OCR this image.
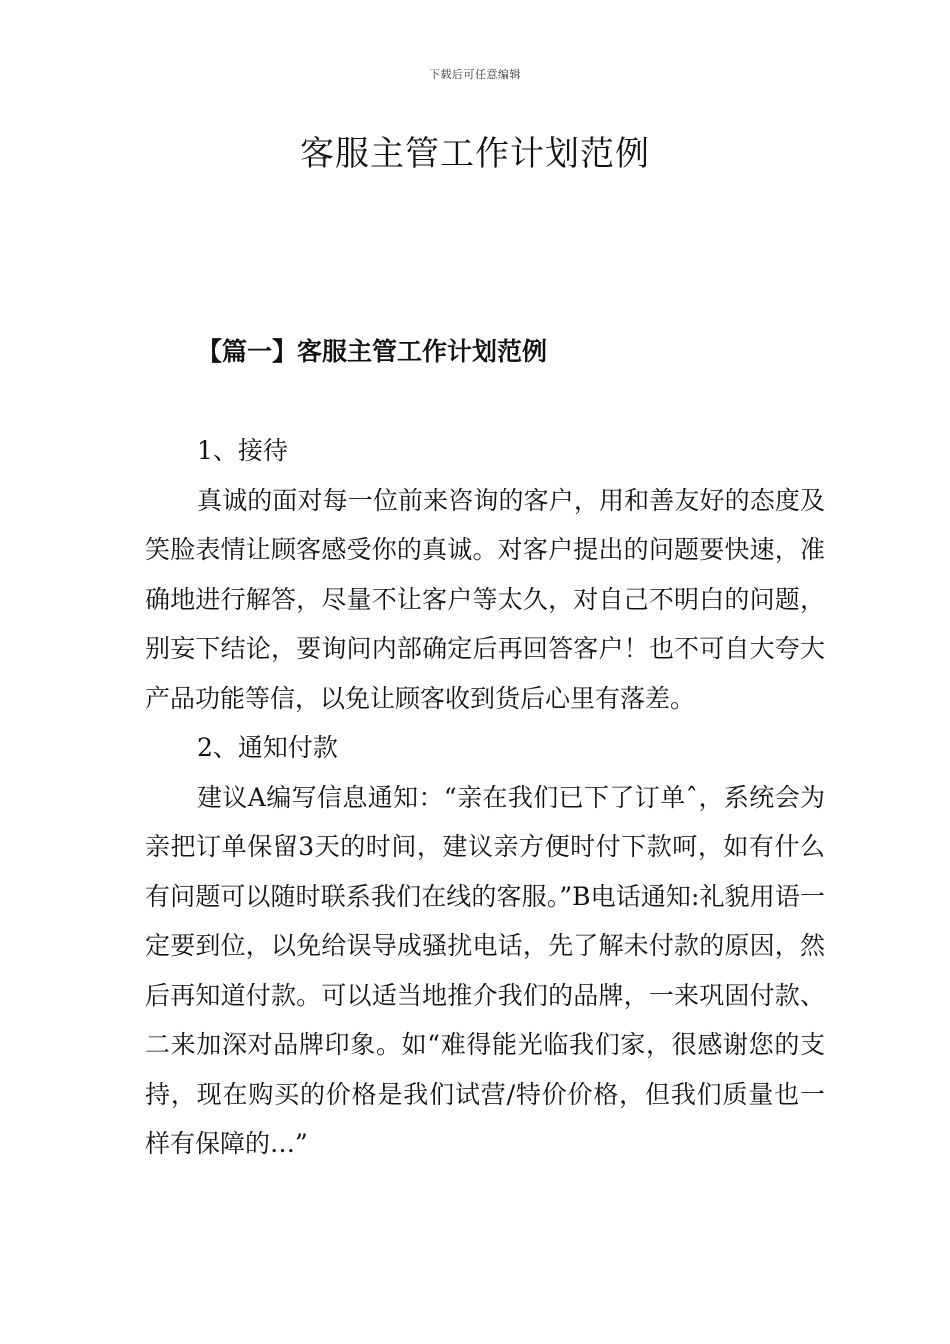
下载后可任意编辑
客服主管工作计划范例
【篇一】客服主管工作计划范例

1、接待

真诚的面对每一位前来咨询的客户，用和善友好的态度及笑脸表情让顾客感受你的真诚。对客户提出的问题要快速，准确地进行解答，尽量不让客户等太久，对自己不明白的问题，别妄下结论，要询问内部确定后再回答客户！也不可自大夸大产品功能等信，以免让顾客收到货后心里有落差。

2、通知付款

建议A编写信息通知：“亲在我们已下了订单ˆ，系统会为亲把订单保留3天的时间，建议亲方便时付下款呵，如有什么有问题可以随时联系我们在线的客服。”B电话通知:礼貌用语一定要到位，以免给误导成骚扰电话，先了解未付款的原因，然后再知道付款。可以适当地推介我们的品牌，一来巩固付款、二来加深对品牌印象。如“难得能光临我们家，很感谢您的支持，现在购买的价格是我们试营/特价价格，但我们质量也一样有保障的…”
